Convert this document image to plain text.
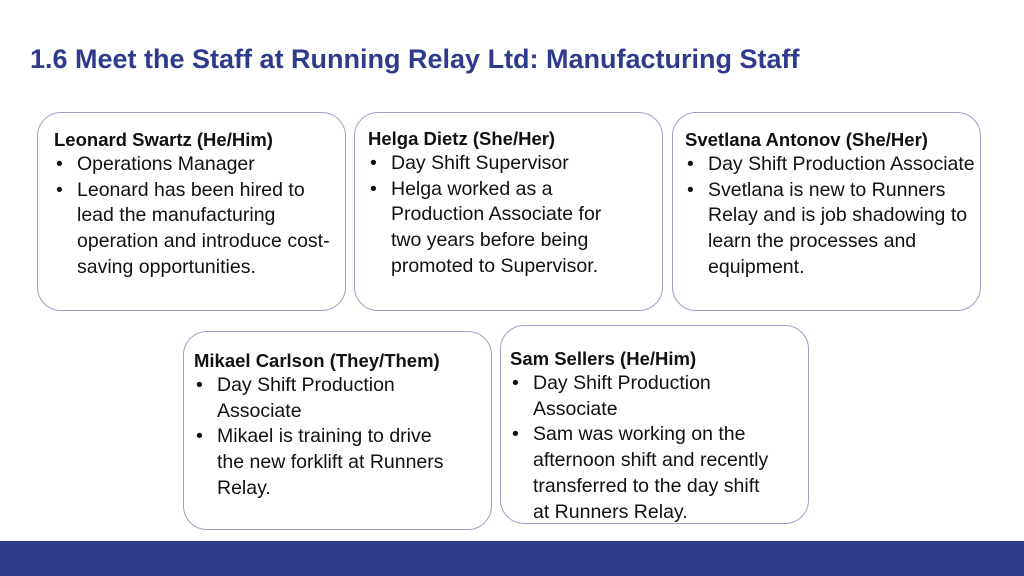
1.6 Meet the Staff at Running Relay Ltd: Manufacturing Staff
Leonard Swartz (He/Him)
• Operations Manager
• Leonard has been hired to lead the manufacturing operation and introduce cost-saving opportunities.
Helga Dietz (She/Her)
• Day Shift Supervisor
• Helga worked as a Production Associate for two years before being promoted to Supervisor.
Svetlana Antonov (She/Her)
• Day Shift Production Associate
• Svetlana is new to Runners Relay and is job shadowing to learn the processes and equipment.
Mikael Carlson (They/Them)
• Day Shift Production Associate
• Mikael is training to drive the new forklift at Runners Relay.
Sam Sellers (He/Him)
• Day Shift Production Associate
• Sam was working on the afternoon shift and recently transferred to the day shift at Runners Relay.
